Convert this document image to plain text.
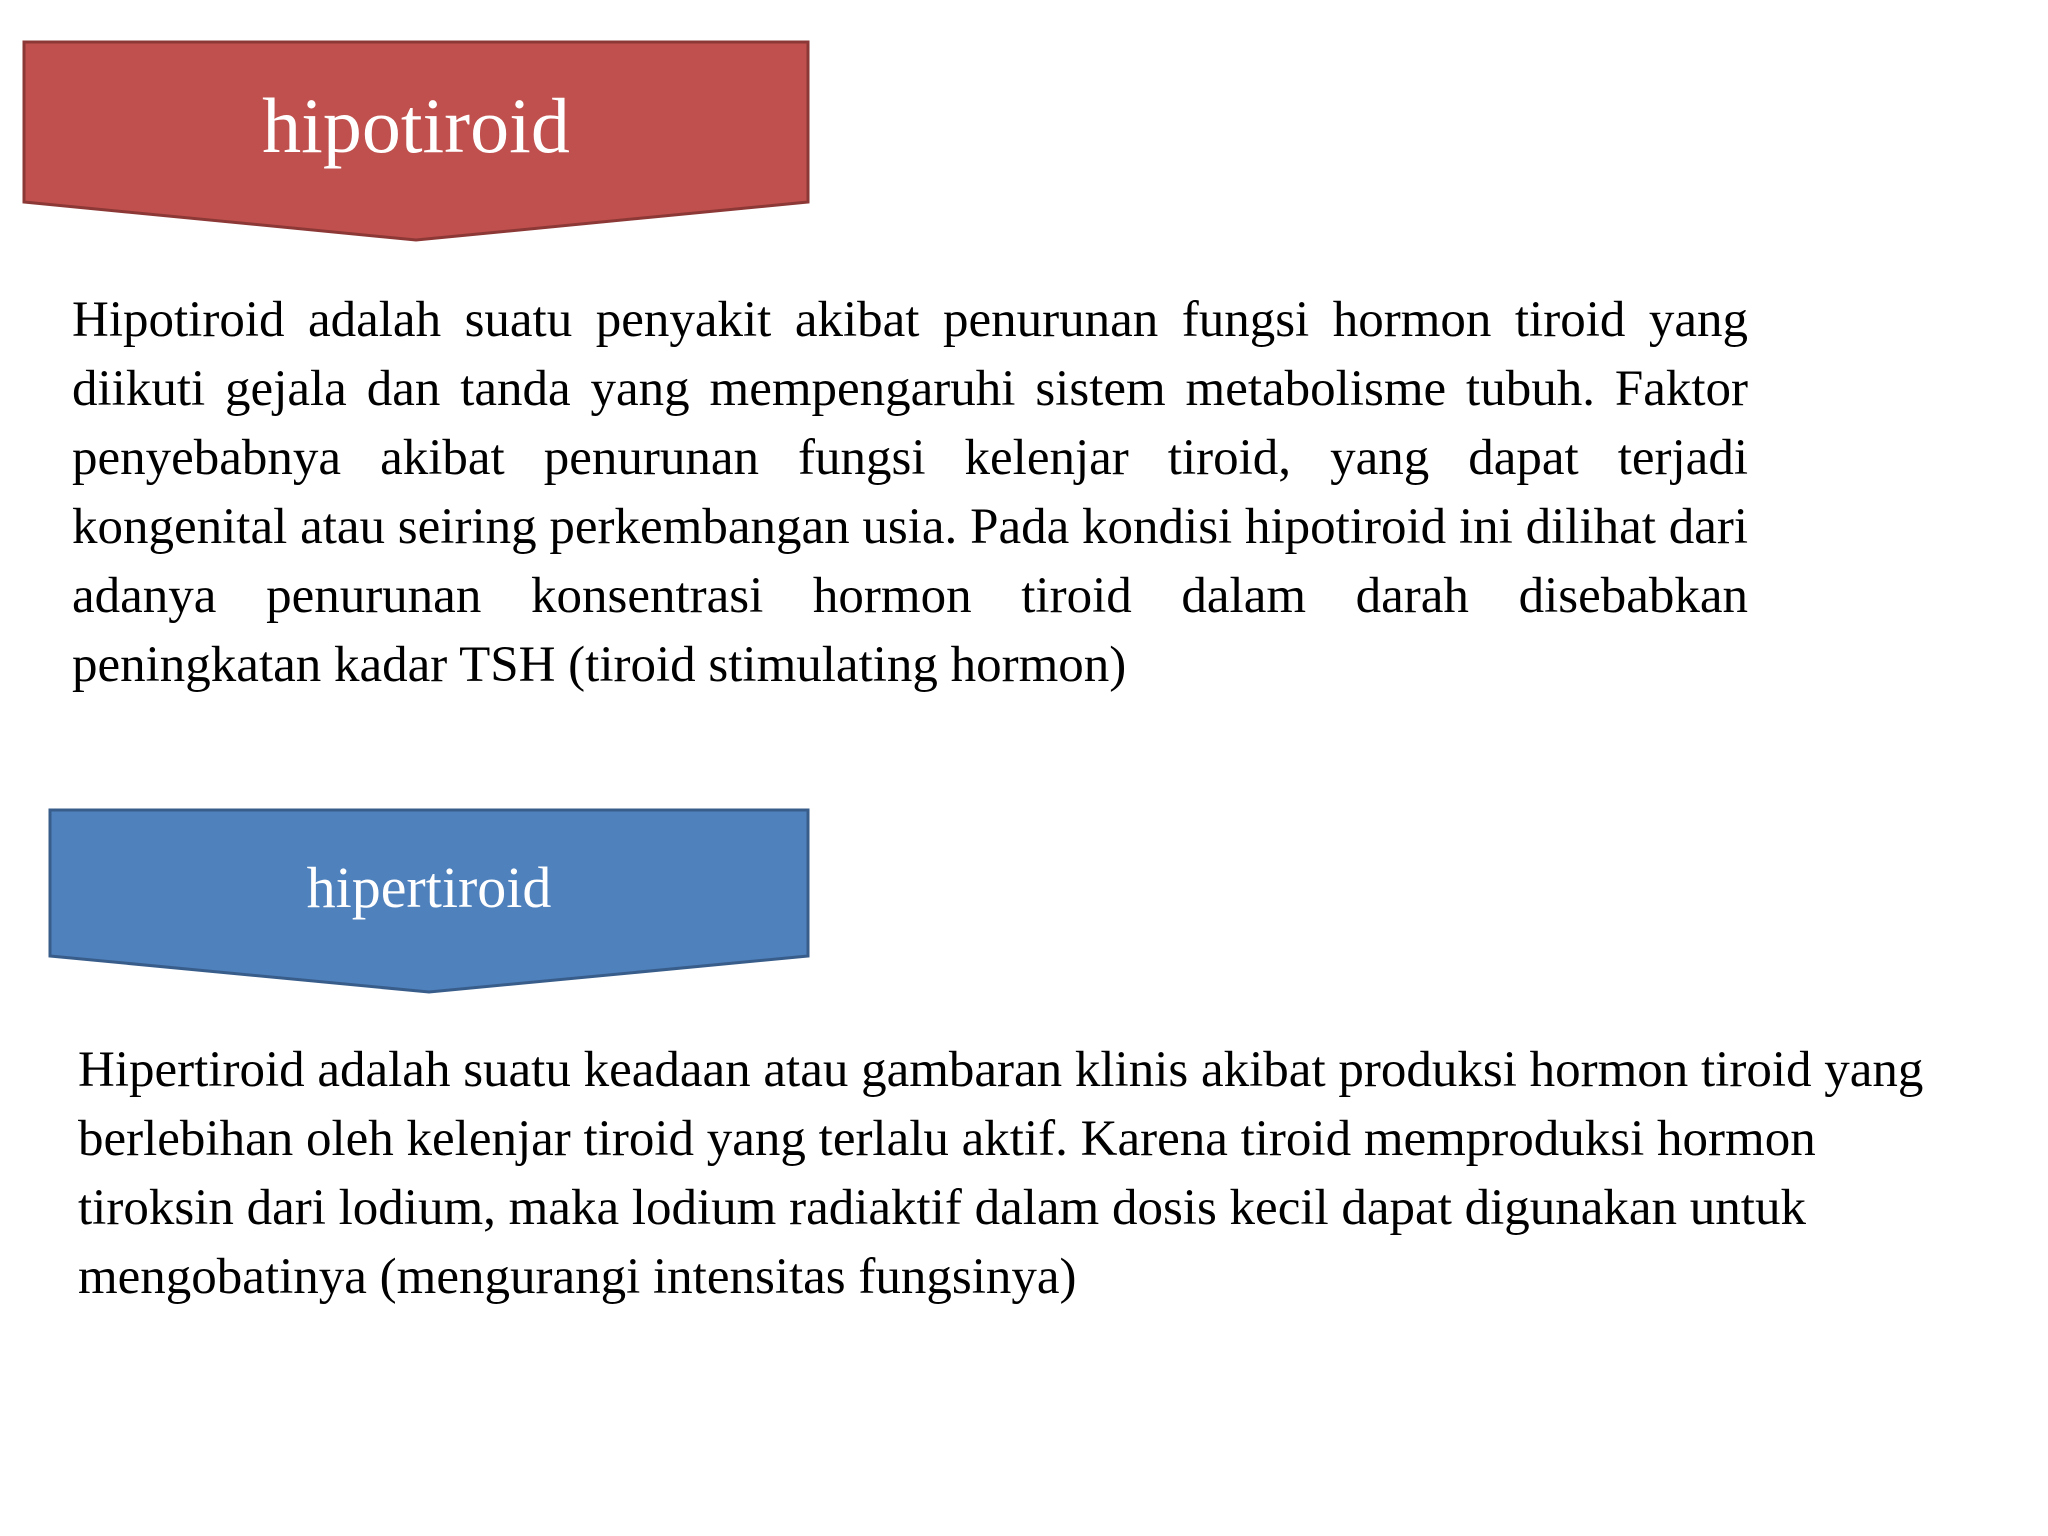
hipotiroid

Hipotiroid adalah suatu penyakit akibat penurunan fungsi hormon tiroid yang diikuti gejala dan tanda yang mempengaruhi sistem metabolisme tubuh. Faktor penyebabnya akibat penurunan fungsi kelenjar tiroid, yang dapat terjadi kongenital atau seiring perkembangan usia. Pada kondisi hipotiroid ini dilihat dari adanya penurunan konsentrasi hormon tiroid dalam darah disebabkan peningkatan kadar TSH (tiroid stimulating hormon)

hipertiroid

Hipertiroid adalah suatu keadaan atau gambaran klinis akibat produksi hormon tiroid yang berlebihan oleh kelenjar tiroid yang terlalu aktif. Karena tiroid memproduksi hormon tiroksin dari lodium, maka lodium radiaktif dalam dosis kecil dapat digunakan untuk mengobatinya (mengurangi intensitas fungsinya)
